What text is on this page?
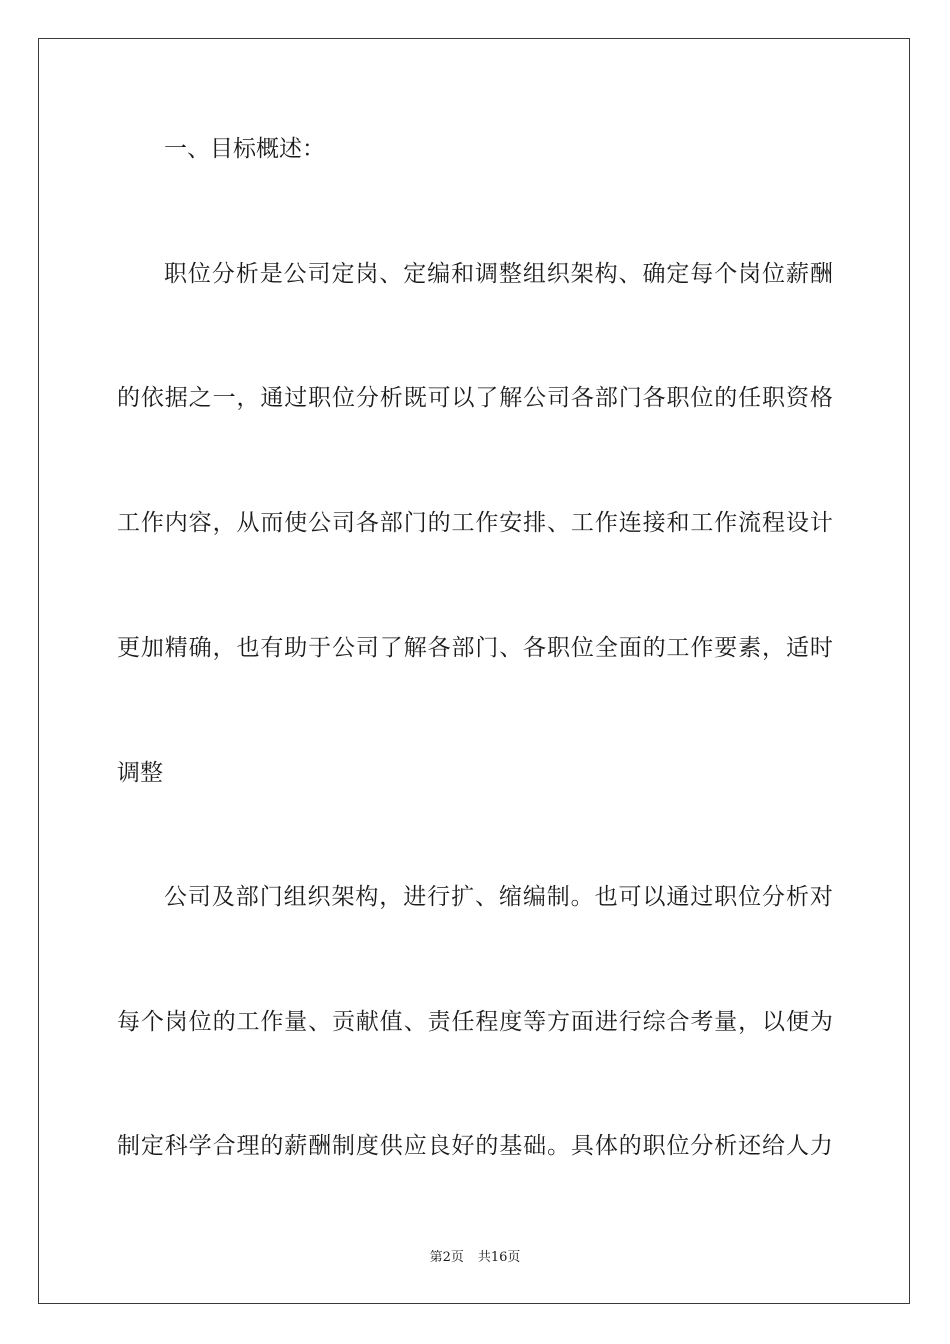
一、目标概述：
职 位 分 析 是 公 司 定 岗 、 定 编 和 调 整 组 织 架 构 、 确 定 每 个 岗 位 薪 酬
的 依 据 之 一 ， 通 过 职 位 分 析 既 可 以 了 解 公 司 各 部 门 各 职 位 的 任 职 资 格
工 作 内 容 ， 从 而 使 公 司 各 部 门 的 工 作 安 排 、 工 作 连 接 和 工 作 流 程 设 计
更 加 精 确 ， 也 有 助 于 公 司 了 解 各 部 门 、 各 职 位 全 面 的 工 作 要 素 ， 适 时
调整
公 司 及 部 门 组 织 架 构 ， 进 行 扩 、 缩 编 制 。 也 可 以 通 过 职 位 分 析 对
每 个 岗 位 的 工 作 量 、 贡 献 值 、 责 任 程 度 等 方 面 进 行 综 合 考 量 ， 以 便 为
制 定 科 学 合 理 的 薪 酬 制 度 供 应 良 好 的 基 础 。 具 体 的 职 位 分 析 还 给 人 力
第2页 共16页
